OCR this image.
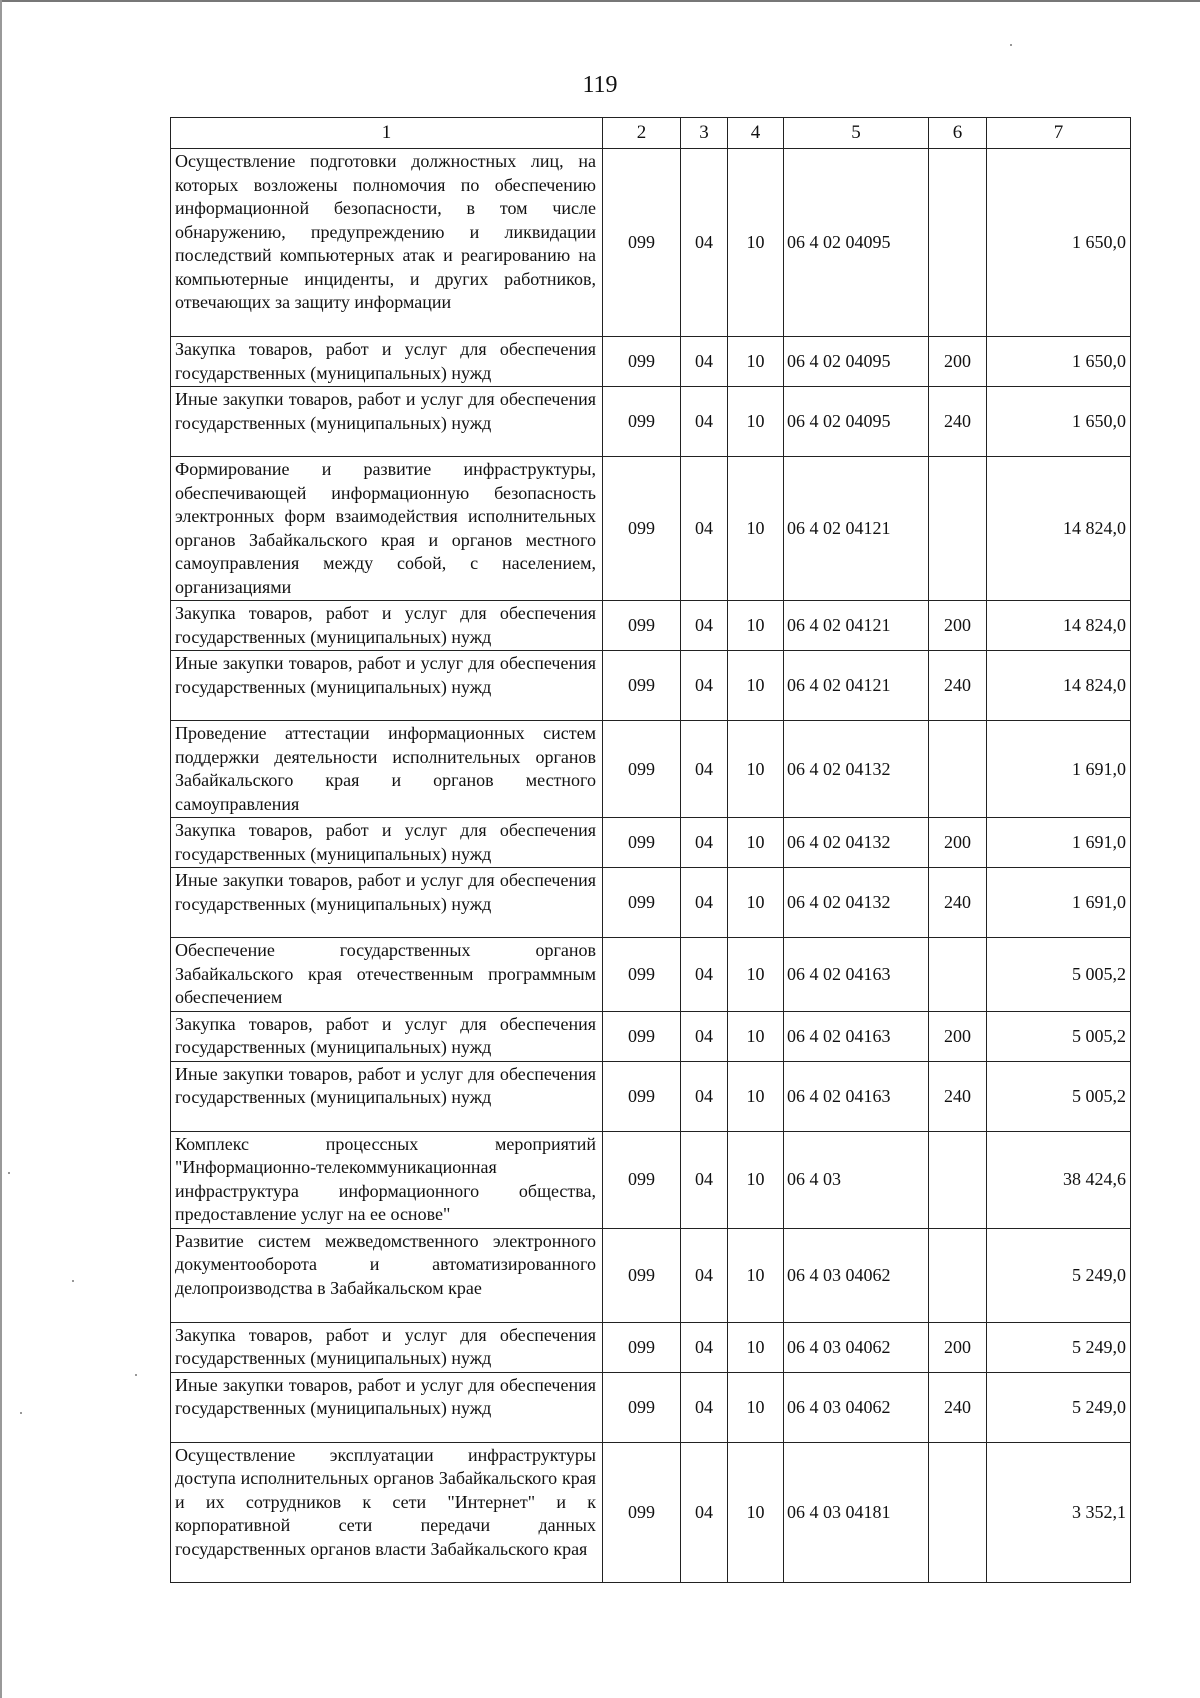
119
1	2	3	4	5	6	7
Осуществление подготовки должностных лиц, на которых возложены полномочия по обеспечению информационной безопасности, в том числе обнаружению, предупреждению и ликвидации последствий компьютерных атак и реагированию на компьютерные инциденты, и других работников, отвечающих за защиту информации	099	04	10	06 4 02 04095		1 650,0
Закупка товаров, работ и услуг для обеспечения государственных (муниципальных) нужд	099	04	10	06 4 02 04095	200	1 650,0
Иные закупки товаров, работ и услуг для обеспечения государственных (муниципальных) нужд	099	04	10	06 4 02 04095	240	1 650,0
Формирование и развитие инфраструктуры, обеспечивающей информационную безопасность электронных форм взаимодействия исполнительных органов Забайкальского края и органов местного самоуправления между собой, с населением, организациями	099	04	10	06 4 02 04121		14 824,0
Закупка товаров, работ и услуг для обеспечения государственных (муниципальных) нужд	099	04	10	06 4 02 04121	200	14 824,0
Иные закупки товаров, работ и услуг для обеспечения государственных (муниципальных) нужд	099	04	10	06 4 02 04121	240	14 824,0
Проведение аттестации информационных систем поддержки деятельности исполнительных органов Забайкальского края и органов местного самоуправления	099	04	10	06 4 02 04132		1 691,0
Закупка товаров, работ и услуг для обеспечения государственных (муниципальных) нужд	099	04	10	06 4 02 04132	200	1 691,0
Иные закупки товаров, работ и услуг для обеспечения государственных (муниципальных) нужд	099	04	10	06 4 02 04132	240	1 691,0
Обеспечение государственных органов Забайкальского края отечественным программным обеспечением	099	04	10	06 4 02 04163		5 005,2
Закупка товаров, работ и услуг для обеспечения государственных (муниципальных) нужд	099	04	10	06 4 02 04163	200	5 005,2
Иные закупки товаров, работ и услуг для обеспечения государственных (муниципальных) нужд	099	04	10	06 4 02 04163	240	5 005,2
Комплекс процессных мероприятий "Информационно-телекоммуникационная инфраструктура информационного общества, предоставление услуг на ее основе"	099	04	10	06 4 03		38 424,6
Развитие систем межведомственного электронного документооборота и автоматизированного делопроизводства в Забайкальском крае	099	04	10	06 4 03 04062		5 249,0
Закупка товаров, работ и услуг для обеспечения государственных (муниципальных) нужд	099	04	10	06 4 03 04062	200	5 249,0
Иные закупки товаров, работ и услуг для обеспечения государственных (муниципальных) нужд	099	04	10	06 4 03 04062	240	5 249,0
Осуществление эксплуатации инфраструктуры доступа исполнительных органов Забайкальского края и их сотрудников к сети "Интернет" и к корпоративной сети передачи данных государственных органов власти Забайкальского края	099	04	10	06 4 03 04181		3 352,1
